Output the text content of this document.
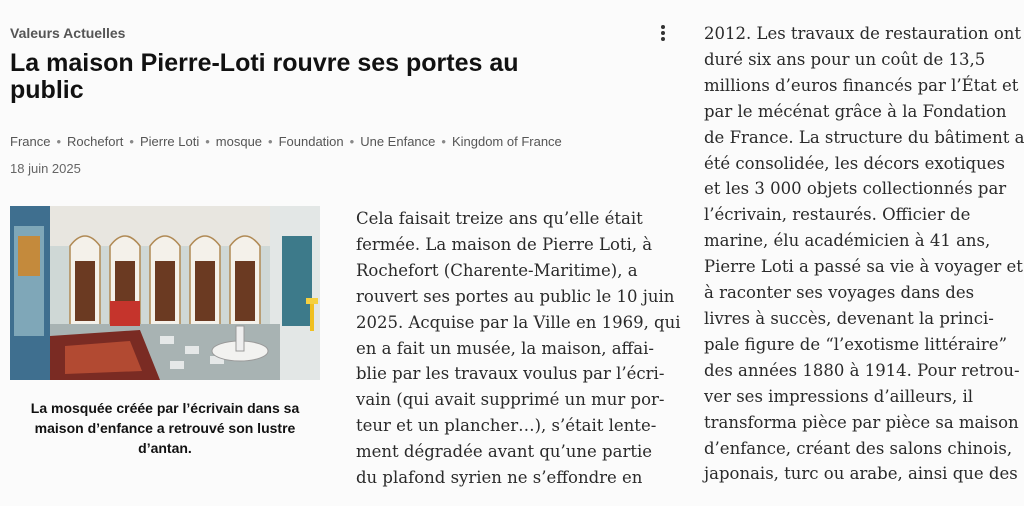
Valeurs Actuelles
La maison Pierre-Loti rouvre ses portes au public
France • Rochefort • Pierre Loti • mosque • Foundation • Une Enfance • Kingdom of France
18 juin 2025
La mosquée créée par l’écrivain dans sa maison d’enfance a retrouvé son lustre d’antan.
Cela faisait treize ans qu’elle était
fermée. La maison de Pierre Loti, à
Rochefort (Charente-Maritime), a
rouvert ses portes au public le 10 juin
2025. Acquise par la Ville en 1969, qui
en a fait un musée, la maison, affai-
blie par les travaux voulus par l’écri-
vain (qui avait supprimé un mur por-
teur et un plancher…), s’était lente-
ment dégradée avant qu’une partie
du plafond syrien ne s’effondre en
2012. Les travaux de restauration ont
duré six ans pour un coût de 13,5
millions d’euros financés par l’État et
par le mécénat grâce à la Fondation
de France. La structure du bâtiment a
été consolidée, les décors exotiques
et les 3 000 objets collectionnés par
l’écrivain, restaurés. Officier de
marine, élu académicien à 41 ans,
Pierre Loti a passé sa vie à voyager et
à raconter ses voyages dans des
livres à succès, devenant la princi-
pale figure de “l’exotisme littéraire”
des années 1880 à 1914. Pour retrou-
ver ses impressions d’ailleurs, il
transforma pièce par pièce sa maison
d’enfance, créant des salons chinois,
japonais, turc ou arabe, ainsi que des
